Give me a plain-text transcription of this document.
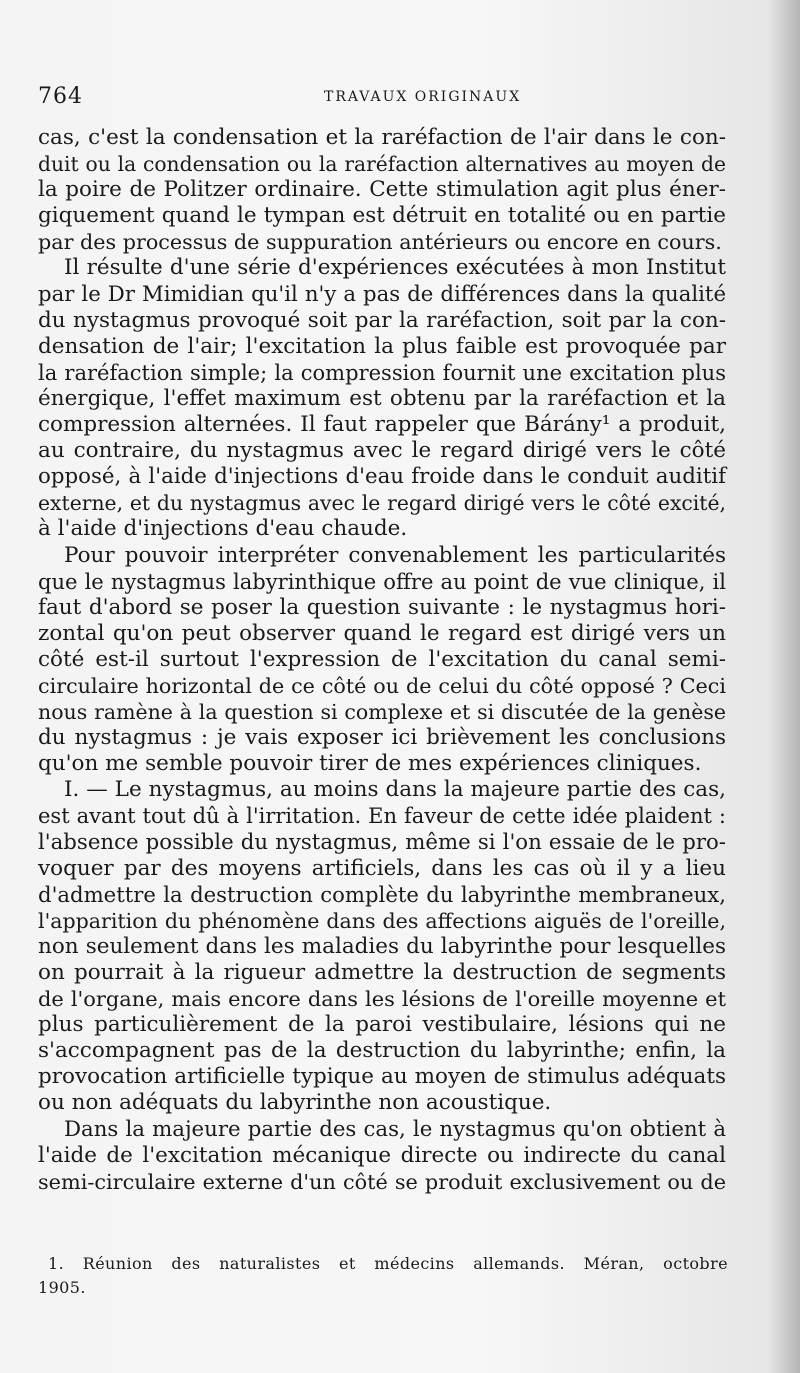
764	TRAVAUX ORIGINAUX
cas, c'est la condensation et la raréfaction de l'air dans le con-
duit ou la condensation ou la raréfaction alternatives au moyen de
la poire de Politzer ordinaire. Cette stimulation agit plus éner-
giquement quand le tympan est détruit en totalité ou en partie
par des processus de suppuration antérieurs ou encore en cours.
Il résulte d'une série d'expériences exécutées à mon Institut
par le Dr Mimidian qu'il n'y a pas de différences dans la qualité
du nystagmus provoqué soit par la raréfaction, soit par la con-
densation de l'air; l'excitation la plus faible est provoquée par
la raréfaction simple; la compression fournit une excitation plus
énergique, l'effet maximum est obtenu par la raréfaction et la
compression alternées. Il faut rappeler que Bárány¹ a produit,
au contraire, du nystagmus avec le regard dirigé vers le côté
opposé, à l'aide d'injections d'eau froide dans le conduit auditif
externe, et du nystagmus avec le regard dirigé vers le côté excité,
à l'aide d'injections d'eau chaude.
Pour pouvoir interpréter convenablement les particularités
que le nystagmus labyrinthique offre au point de vue clinique, il
faut d'abord se poser la question suivante : le nystagmus hori-
zontal qu'on peut observer quand le regard est dirigé vers un
côté est-il surtout l'expression de l'excitation du canal semi-
circulaire horizontal de ce côté ou de celui du côté opposé ? Ceci
nous ramène à la question si complexe et si discutée de la genèse
du nystagmus : je vais exposer ici brièvement les conclusions
qu'on me semble pouvoir tirer de mes expériences cliniques.
I. — Le nystagmus, au moins dans la majeure partie des cas,
est avant tout dû à l'irritation. En faveur de cette idée plaident :
l'absence possible du nystagmus, même si l'on essaie de le pro-
voquer par des moyens artificiels, dans les cas où il y a lieu
d'admettre la destruction complète du labyrinthe membraneux,
l'apparition du phénomène dans des affections aiguës de l'oreille,
non seulement dans les maladies du labyrinthe pour lesquelles
on pourrait à la rigueur admettre la destruction de segments
de l'organe, mais encore dans les lésions de l'oreille moyenne et
plus particulièrement de la paroi vestibulaire, lésions qui ne
s'accompagnent pas de la destruction du labyrinthe; enfin, la
provocation artificielle typique au moyen de stimulus adéquats
ou non adéquats du labyrinthe non acoustique.
Dans la majeure partie des cas, le nystagmus qu'on obtient à
l'aide de l'excitation mécanique directe ou indirecte du canal
semi-circulaire externe d'un côté se produit exclusivement ou de
1. Réunion des naturalistes et médecins allemands. Méran, octobre
1905.
